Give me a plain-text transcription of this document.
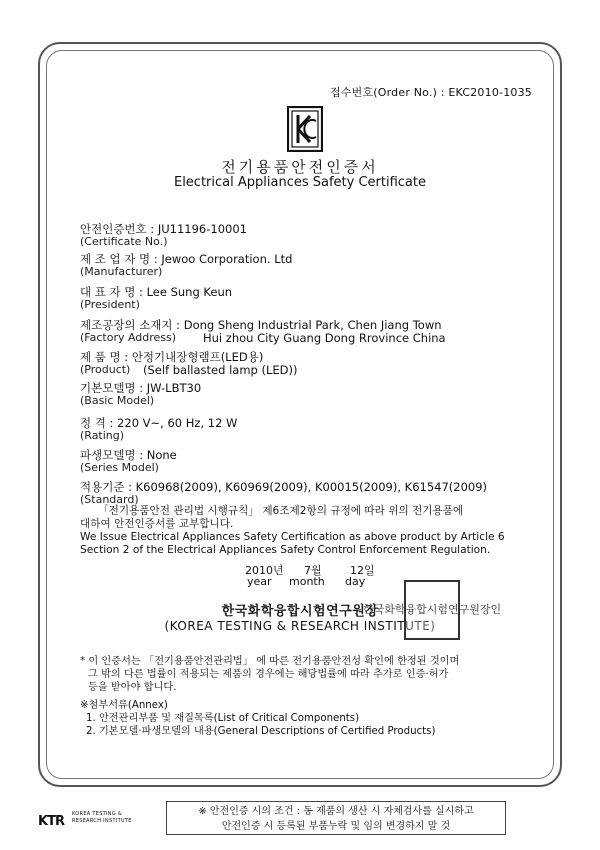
접수번호(Order No.) : EKC2010-1035
전기용품안전인증서
Electrical Appliances Safety Certificate
안전인증번호 : JU11196-10001
(Certificate No.)
제 조 업 자 명 : Jewoo Corporation. Ltd
(Manufacturer)
대 표 자 명 : Lee Sung Keun
(President)
제조공장의 소재지 : Dong Sheng Industrial Park, Chen Jiang Town
(Factory Address) Hui zhou City Guang Dong Rrovince China
제 품 명 : 안정기내장형램프(LED용)
(Product) (Self ballasted lamp (LED))
기본모델명 : JW-LBT30
(Basic Model)
정 격 : 220 V~, 60 Hz, 12 W
(Rating)
파생모델명 : None
(Series Model)
적용기준 : K60968(2009), K60969(2009), K00015(2009), K61547(2009)
(Standard)
「전기용품안전 관리법 시행규칙」 제6조제2항의 규정에 따라 위의 전기용품에
대하여 안전인증서를 교부합니다.
We Issue Electrical Appliances Safety Certification as above product by Article 6
Section 2 of the Electrical Appliances Safety Control Enforcement Regulation.
2010년 7월	12일
year month day
한국화학융합시험연구원장
(KOREA TESTING & RESEARCH INSTITUTE)
한국화학융합시험연구원장인
* 이 인증서는 「전기용품안전관리법」 에 따른 전기용품안전성 확인에 한정된 것이며
그 밖의 다른 법률이 적용되는 제품의 경우에는 해당법률에 따라 추가로 인증·허가
등을 받아야 합니다.
※첨부서류(Annex)
1. 안전관리부품 및 재질목록(List of Critical Components)
2. 기본모델·파생모델의 내용(General Descriptions of Certified Products)
KTR KOREA TESTING &
RESEARCH INSTITUTE
※ 안전인증 시의 조건 : 동 제품의 생산 시 자체검사를 실시하고
안전인증 시 등록된 부품누락 및 임의 변경하지 말 것
